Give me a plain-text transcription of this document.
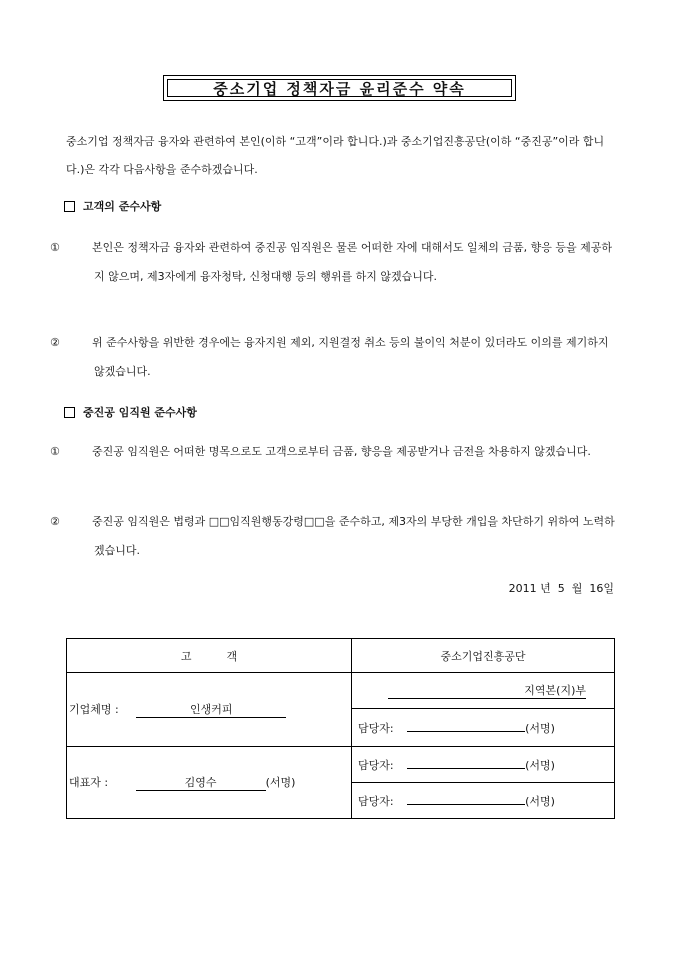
중소기업 정책자금 윤리준수 약속
중소기업 정책자금 융자와 관련하여 본인(이하 “고객”이라 합니다.)과 중소기업진흥공단(이하 “중진공”이라 합니다.)은 각각 다음사항을 준수하겠습니다.
고객의 준수사항
①	본인은 정책자금 융자와 관련하여 중진공 임직원은 물론 어떠한 자에 대해서도 일체의 금품, 향응 등을 제공하지 않으며, 제3자에게 융자청탁, 신청대행 등의 행위를 하지 않겠습니다.
②	위 준수사항을 위반한 경우에는 융자지원 제외, 지원결정 취소 등의 불이익 처분이 있더라도 이의를 제기하지 않겠습니다.
중진공 임직원 준수사항
①	중진공 임직원은 어떠한 명목으로도 고객으로부터 금품, 향응을 제공받거나 금전을 차용하지 않겠습니다.
②	중진공 임직원은 법령과 □□임직원행동강령□□을 준수하고, 제3자의 부당한 개입을 차단하기 위하여 노력하겠습니다.
2011 년  5  월  16일
고          객	중소기업진흥공단
기업체명 : 인생커피	지역본(지)부
	담당자: (서명)
대표자 : 김영수 (서명)	담당자: (서명)
	담당자: (서명)
